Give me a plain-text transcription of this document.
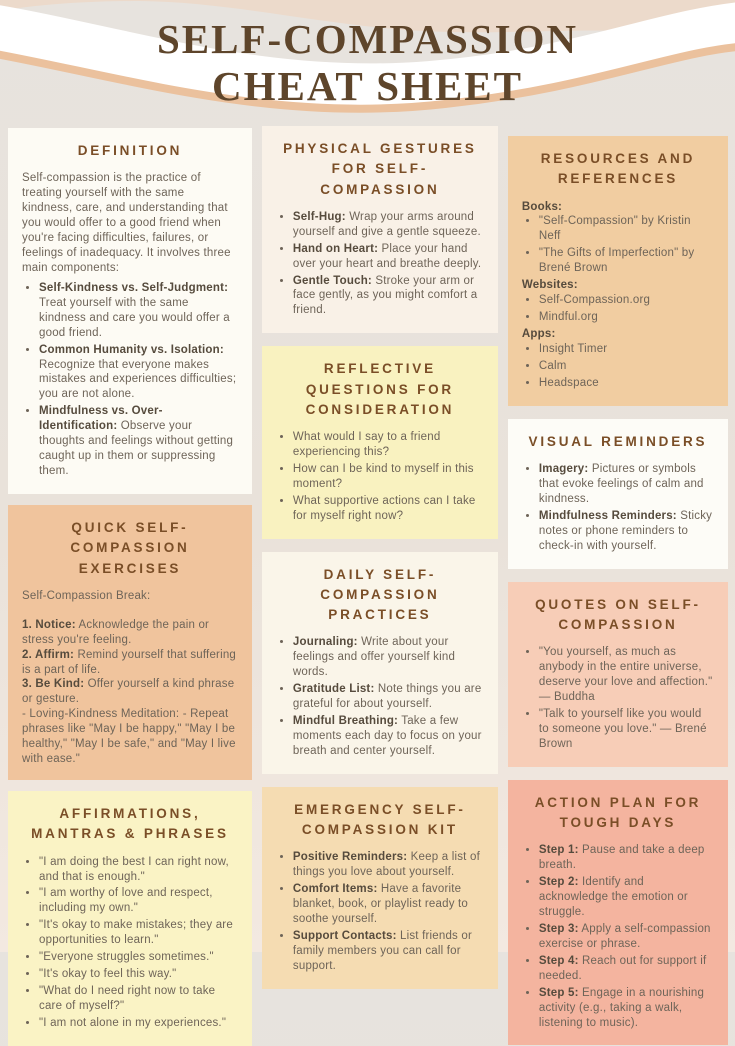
SELF-COMPASSION
CHEAT SHEET
DEFINITION

Self-compassion is the practice of treating yourself with the same kindness, care, and understanding that you would offer to a good friend when you're facing difficulties, failures, or feelings of inadequacy. It involves three main components:

• Self-Kindness vs. Self-Judgment: Treat yourself with the same kindness and care you would offer a good friend.
• Common Humanity vs. Isolation: Recognize that everyone makes mistakes and experiences difficulties; you are not alone.
• Mindfulness vs. Over-Identification: Observe your thoughts and feelings without getting caught up in them or suppressing them.
QUICK SELF-COMPASSION EXERCISES

Self-Compassion Break:

1. Notice: Acknowledge the pain or stress you're feeling.

2. Affirm: Remind yourself that suffering is a part of life.

3. Be Kind: Offer yourself a kind phrase or gesture.

- Loving-Kindness Meditation: - Repeat phrases like "May I be happy," "May I be healthy," "May I be safe," and "May I live with ease."

AFFIRMATIONS, MANTRAS & PHRASES
• "I am doing the best I can right now, and that is enough."
• "I am worthy of love and respect, including my own."
• "It's okay to make mistakes; they are opportunities to learn."
• "Everyone struggles sometimes."
• "It's okay to feel this way."
• "What do I need right now to take care of myself?"
• "I am not alone in my experiences."
PHYSICAL GESTURES FOR SELF-COMPASSION
• Self-Hug: Wrap your arms around yourself and give a gentle squeeze.
• Hand on Heart: Place your hand over your heart and breathe deeply.
• Gentle Touch: Stroke your arm or face gently, as you might comfort a friend.
REFLECTIVE QUESTIONS FOR CONSIDERATION
• What would I say to a friend experiencing this?
• How can I be kind to myself in this moment?
• What supportive actions can I take for myself right now?
DAILY SELF-COMPASSION PRACTICES
• Journaling: Write about your feelings and offer yourself kind words.
• Gratitude List: Note things you are grateful for about yourself.
• Mindful Breathing: Take a few moments each day to focus on your breath and center yourself.
EMERGENCY SELF-COMPASSION KIT
• Positive Reminders: Keep a list of things you love about yourself.
• Comfort Items: Have a favorite blanket, book, or playlist ready to soothe yourself.
• Support Contacts: List friends or family members you can call for support.
RESOURCES AND REFERENCES
Books:
• "Self-Compassion" by Kristin Neff
• "The Gifts of Imperfection" by Brené Brown
Websites:
• Self-Compassion.org
• Mindful.org
Apps:
• Insight Timer
• Calm
• Headspace
VISUAL REMINDERS
• Imagery: Pictures or symbols that evoke feelings of calm and kindness.
• Mindfulness Reminders: Sticky notes or phone reminders to check-in with yourself.
QUOTES ON SELF-COMPASSION
• "You yourself, as much as anybody in the entire universe, deserve your love and affection." — Buddha
• "Talk to yourself like you would to someone you love." — Brené Brown
ACTION PLAN FOR TOUGH DAYS
• Step 1: Pause and take a deep breath.
• Step 2: Identify and acknowledge the emotion or struggle.
• Step 3: Apply a self-compassion exercise or phrase.
• Step 4: Reach out for support if needed.
• Step 5: Engage in a nourishing activity (e.g., taking a walk, listening to music).
